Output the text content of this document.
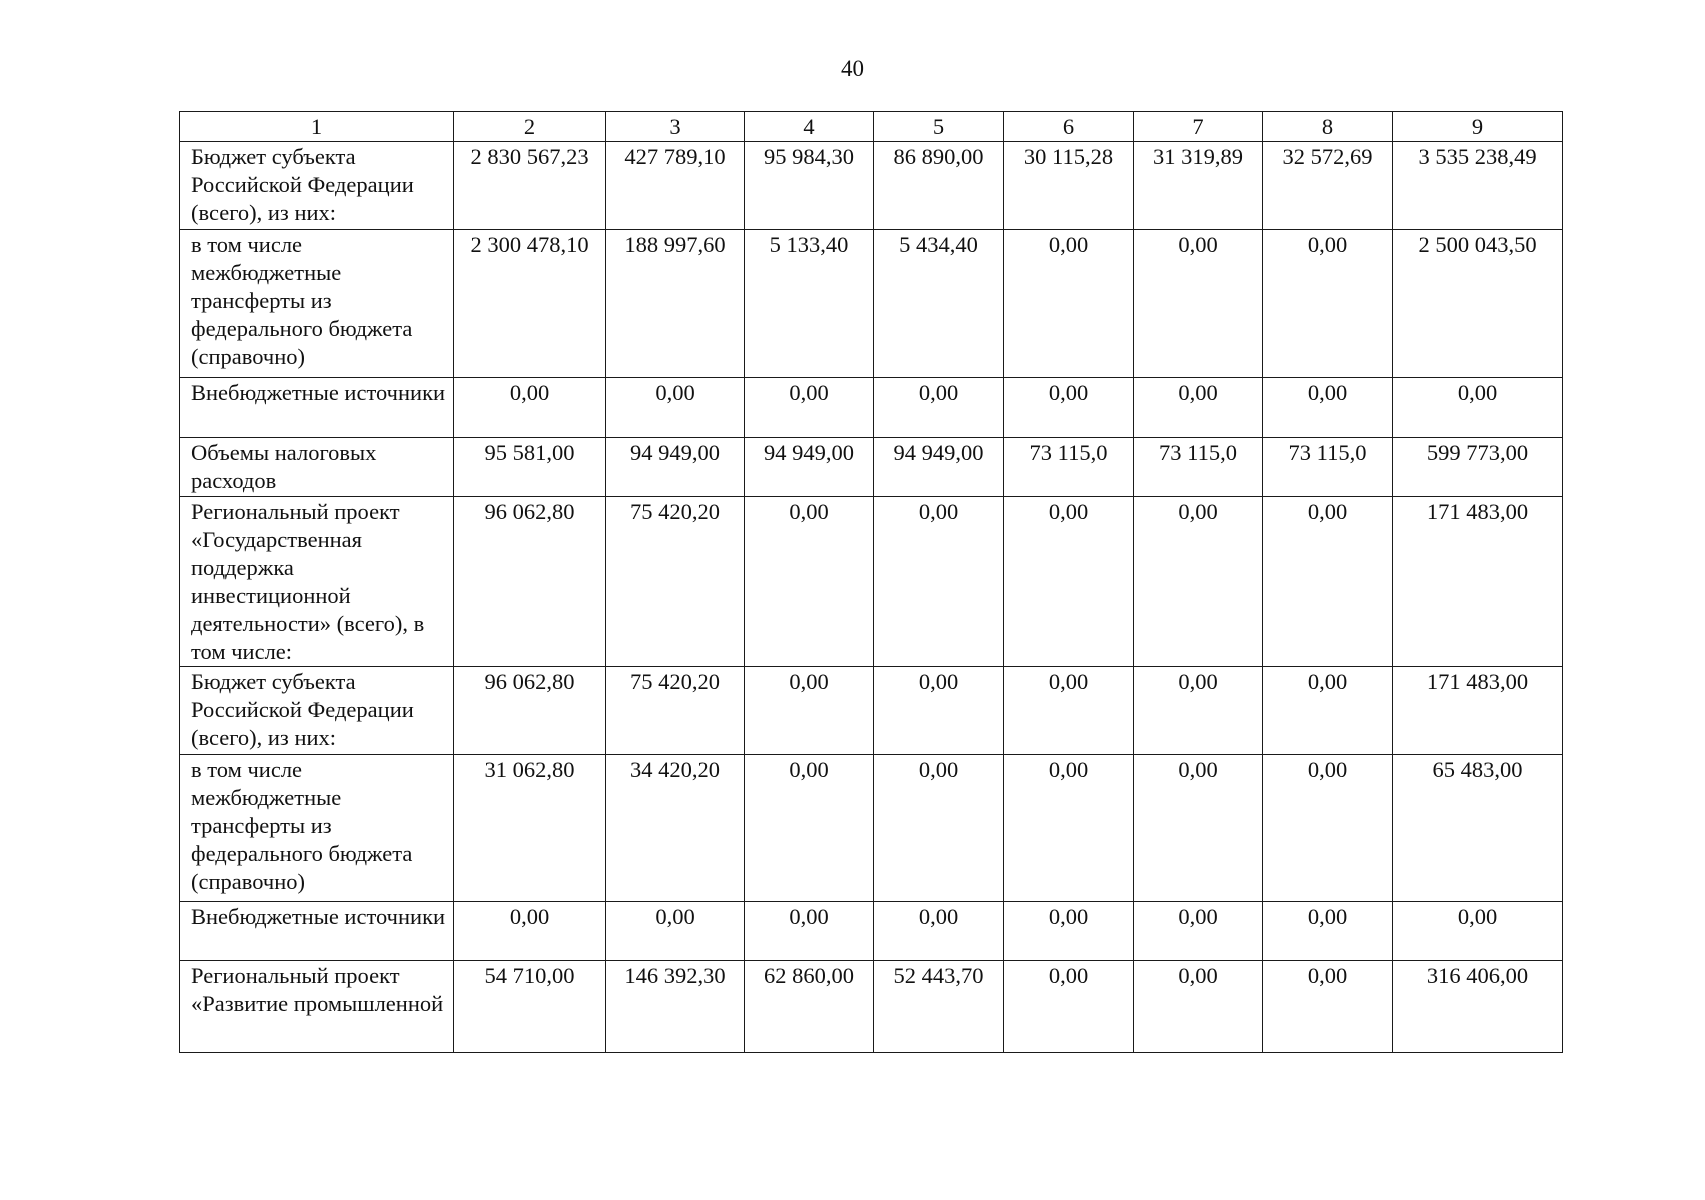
40
1	2	3	4	5	6	7	8	9
Бюджет субъекта Российской Федерации (всего), из них:	2 830 567,23	427 789,10	95 984,30	86 890,00	30 115,28	31 319,89	32 572,69	3 535 238,49
в том числе межбюджетные трансферты из федерального бюджета (справочно)	2 300 478,10	188 997,60	5 133,40	5 434,40	0,00	0,00	0,00	2 500 043,50
Внебюджетные источники	0,00	0,00	0,00	0,00	0,00	0,00	0,00	0,00
Объемы налоговых расходов	95 581,00	94 949,00	94 949,00	94 949,00	73 115,0	73 115,0	73 115,0	599 773,00
Региональный проект «Государственная поддержка инвестиционной деятельности» (всего), в том числе:	96 062,80	75 420,20	0,00	0,00	0,00	0,00	0,00	171 483,00
Бюджет субъекта Российской Федерации (всего), из них:	96 062,80	75 420,20	0,00	0,00	0,00	0,00	0,00	171 483,00
в том числе межбюджетные трансферты из федерального бюджета (справочно)	31 062,80	34 420,20	0,00	0,00	0,00	0,00	0,00	65 483,00
Внебюджетные источники	0,00	0,00	0,00	0,00	0,00	0,00	0,00	0,00
Региональный проект «Развитие промышленной	54 710,00	146 392,30	62 860,00	52 443,70	0,00	0,00	0,00	316 406,00
